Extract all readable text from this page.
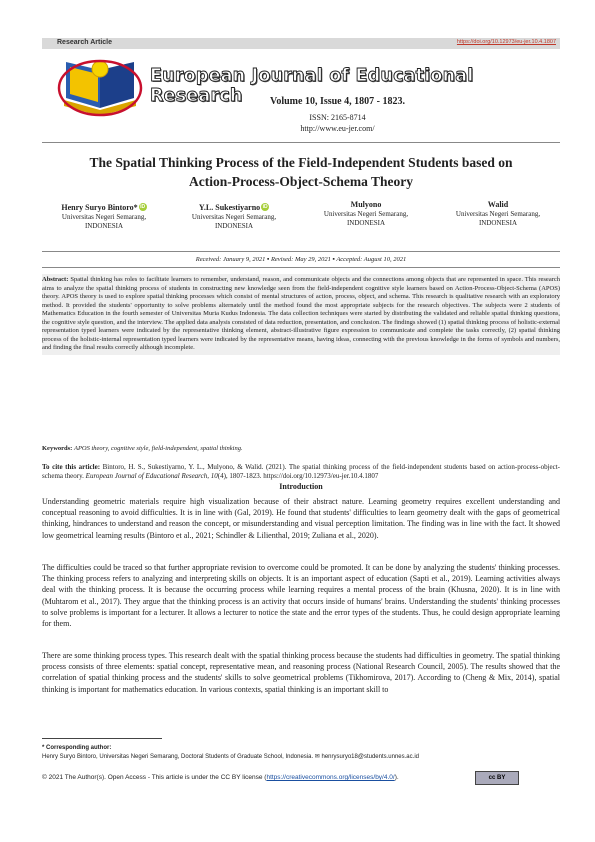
Research Article	https://doi.org/10.12973/eu-jer.10.4.1807
European Journal of Educational Research	Volume 10, Issue 4, 1807 - 1823.
ISSN: 2165-8714
http://www.eu-jer.com/
The Spatial Thinking Process of the Field-Independent Students based on
Action-Process-Object-Schema Theory
Henry Suryo Bintoro* iD
Universitas Negeri Semarang,
INDONESIA
Y.L. Sukestiyarno iD
Universitas Negeri Semarang,
INDONESIA
Mulyono
Universitas Negeri Semarang,
INDONESIA
Walid
Universitas Negeri Semarang,
INDONESIA
Received: January 9, 2021 ▪ Revised: May 29, 2021 ▪ Accepted: August 10, 2021
Abstract: Spatial thinking has roles to facilitate learners to remember, understand, reason, and communicate objects and the connections among objects that are represented in space. This research aims to analyze the spatial thinking process of students in constructing new knowledge seen from the field-independent cognitive style learners based on Action-Process-Object-Schema (APOS) theory. APOS theory is used to explore spatial thinking processes which consist of mental structures of action, process, object, and schema. This research is qualitative research with an exploratory method. It provided the students' opportunity to solve problems alternately until the method found the most appropriate subjects for the research objectives. The subjects were 2 students of Mathematics Education in the fourth semester of Universitas Muria Kudus Indonesia. The data collection techniques were started by distributing the validated and reliable spatial thinking questions, the cognitive style question, and the interview. The applied data analysis consisted of data reduction, presentation, and conclusion. The findings showed (1) spatial thinking process of holistic-external representation typed learners were indicated by the representative thinking element, abstract-illustrative figure expression to communicate and complete the tasks correctly, (2) spatial thinking process of the holistic-internal representation typed learners were indicated by the representative means, having ideas, connecting with the previous knowledge in the forms of symbols and numbers, and finding the final results correctly although incomplete.
Keywords: APOS theory, cognitive style, field-independent, spatial thinking.
To cite this article: Bintoro, H. S., Sukestiyarno, Y. L., Mulyono, & Walid. (2021). The spatial thinking process of the field-independent students based on action-process-object-schema theory. European Journal of Educational Research, 10(4), 1807-1823. https://doi.org/10.12973/eu-jer.10.4.1807
Introduction
Understanding geometric materials require high visualization because of their abstract nature. Learning geometry requires excellent understanding and conceptual reasoning to avoid difficulties. It is in line with (Gal, 2019). He found that students' difficulties to learn geometry dealt with the gaps of geometrical thinking, hindrances to understand and reason the concept, or misunderstanding and visual perception limitation. The finding was in line with the fact. It showed low geometrical learning results (Bintoro et al., 2021; Schindler & Lilienthal, 2019; Zuliana et al., 2020).
The difficulties could be traced so that further appropriate revision to overcome could be promoted. It can be done by analyzing the students' thinking processes. The thinking process refers to analyzing and interpreting skills on objects. It is an important aspect of education (Sapti et al., 2019). Learning activities always deal with the thinking process. It is because the occurring process while learning requires a mental process of the brain (Khusna, 2020). It is in line with (Muhtarom et al., 2017). They argue that the thinking process is an activity that occurs inside of humans' brains. Understanding the students' thinking processes to solve problems is important for a lecturer. It allows a lecturer to notice the state and the error types of the students. Thus, he could design appropriate learning for them.
There are some thinking process types. This research dealt with the spatial thinking process because the students had difficulties in geometry. The spatial thinking process consists of three elements: spatial concept, representative mean, and reasoning process (National Research Council, 2005). The results showed that the correlation of spatial thinking process and the students' skills to solve geometrical problems (Tikhomirova, 2017). According to (Cheng & Mix, 2014), spatial thinking is important for mathematics education. In various contexts, spatial thinking is an important skill to
* Corresponding author:
Henry Suryo Bintoro, Universitas Negeri Semarang, Doctoral Students of Graduate School, Indonesia. ✉ henrysuryo18@students.unnes.ac.id
© 2021 The Author(s). Open Access - This article is under the CC BY license (https://creativecommons.org/licenses/by/4.0/).	cc BY
